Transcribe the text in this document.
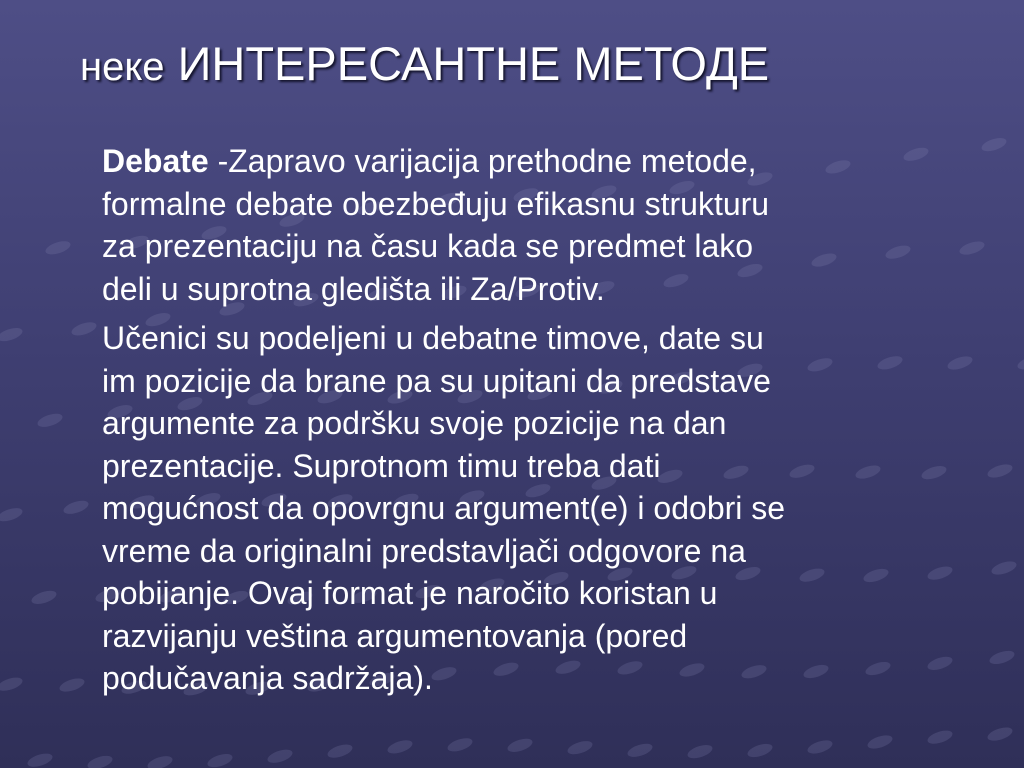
неке ИНТЕРЕСАНТНЕ МЕТОДЕ

Debate -Zapravo varijacija prethodne metode,
formalne debate obezbeđuju efikasnu strukturu
za prezentaciju na času kada se predmet lako
deli u suprotna gledišta ili Za/Protiv.

Učenici su podeljeni u debatne timove, date su
im pozicije da brane pa su upitani da predstave
argumente za podršku svoje pozicije na dan
prezentacije. Suprotnom timu treba dati
mogućnost da opovrgnu argument(e) i odobri se
vreme da originalni predstavljači odgovore na
pobijanje. Ovaj format je naročito koristan u
razvijanju veština argumentovanja (pored
podučavanja sadržaja).
